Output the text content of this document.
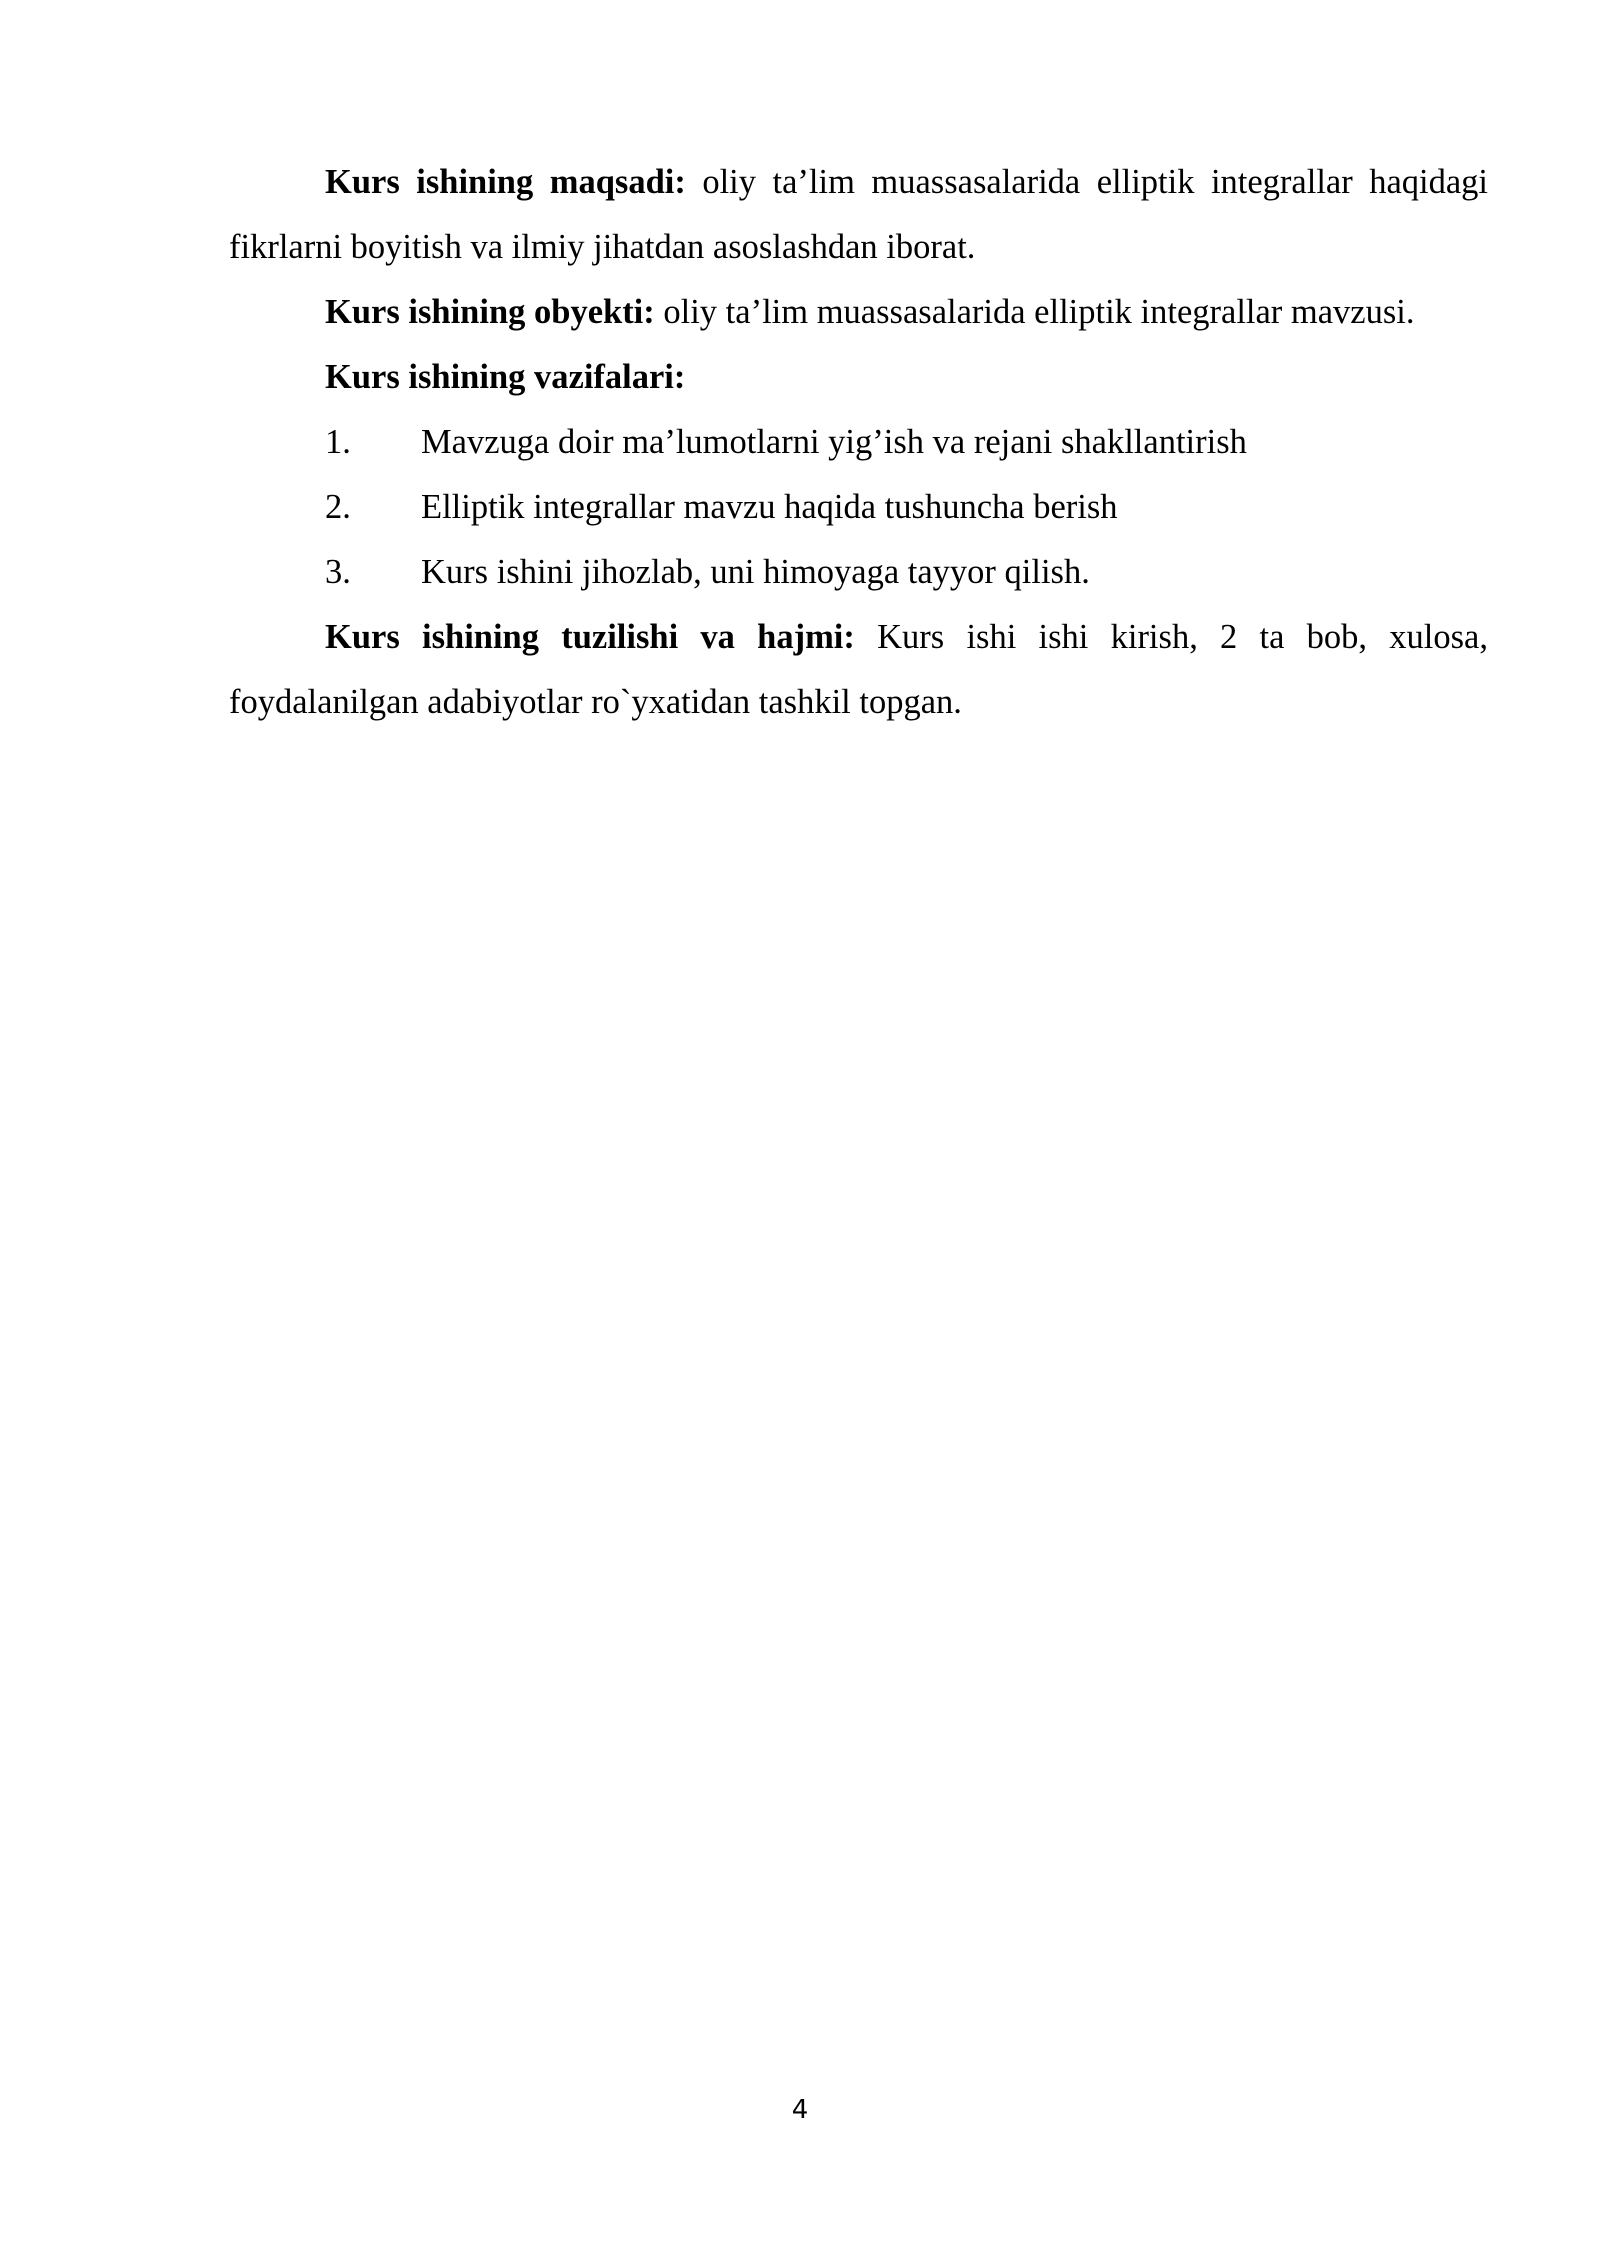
Kurs ishining maqsadi: oliy ta’lim muassasalarida elliptik integrallar haqidagi fikrlarni boyitish va ilmiy jihatdan asoslashdan iborat.

Kurs ishining obyekti: oliy ta’lim muassasalarida elliptik integrallar mavzusi.

Kurs ishining vazifalari:

1.	Mavzuga doir ma’lumotlarni yig’ish va rejani shakllantirish

2.	Elliptik integrallar mavzu haqida tushuncha berish

3.	Kurs ishini jihozlab, uni himoyaga tayyor qilish.

Kurs ishining tuzilishi va hajmi: Kurs ishi ishi kirish, 2 ta bob, xulosa, foydalanilgan adabiyotlar ro`yxatidan tashkil topgan.

4
